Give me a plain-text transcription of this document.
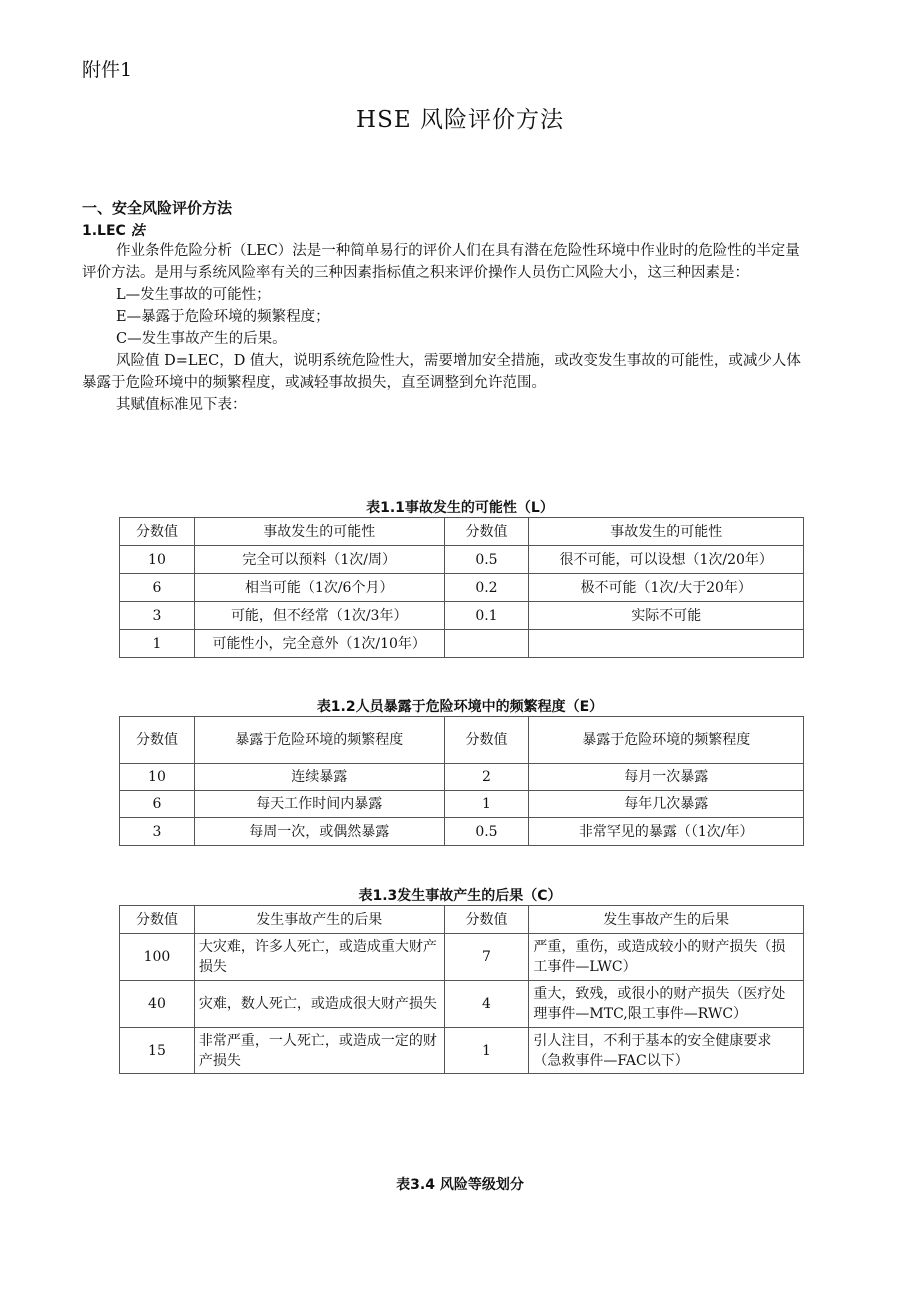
附件1
HSE 风险评价方法
一、安全风险评价方法
1.LEC 法

作业条件危险分析（LEC）法是一种简单易行的评价人们在具有潜在危险性环境中作业时的危险性的半定量评价方法。是用与系统风险率有关的三种因素指标值之积来评价操作人员伤亡风险大小，这三种因素是：

L—发生事故的可能性；

E—暴露于危险环境的频繁程度；

C—发生事故产生的后果。

风险值 D=LEC，D 值大，说明系统危险性大，需要增加安全措施，或改变发生事故的可能性，或减少人体暴露于危险环境中的频繁程度，或减轻事故损失，直至调整到允许范围。

其赋值标准见下表：

表1.1事故发生的可能性（L）
分数值	事故发生的可能性	分数值	事故发生的可能性
10	完全可以预料（1次/周）	0.5	很不可能，可以设想（1次/20年）
6	相当可能（1次/6个月）	0.2	极不可能（1次/大于20年）
3	可能，但不经常（1次/3年）	0.1	实际不可能
1	可能性小，完全意外（1次/10年）		
表1.2人员暴露于危险环境中的频繁程度（E）
分数值	暴露于危险环境的频繁程度	分数值	暴露于危险环境的频繁程度
10	连续暴露	2	每月一次暴露
6	每天工作时间内暴露	1	每年几次暴露
3	每周一次，或偶然暴露	0.5	非常罕见的暴露（（1次/年）
表1.3发生事故产生的后果（C）
分数值	发生事故产生的后果	分数值	发生事故产生的后果
100	大灾难，许多人死亡，或造成重大财产损失	7	严重，重伤，或造成较小的财产损失（损工事件—LWC）
40	灾难，数人死亡，或造成很大财产损失	4	重大，致残，或很小的财产损失（医疗处理事件—MTC,限工事件—RWC）
15	非常严重，一人死亡，或造成一定的财产损失	1	引人注目，不利于基本的安全健康要求（急救事件—FAC以下）
表3.4 风险等级划分
